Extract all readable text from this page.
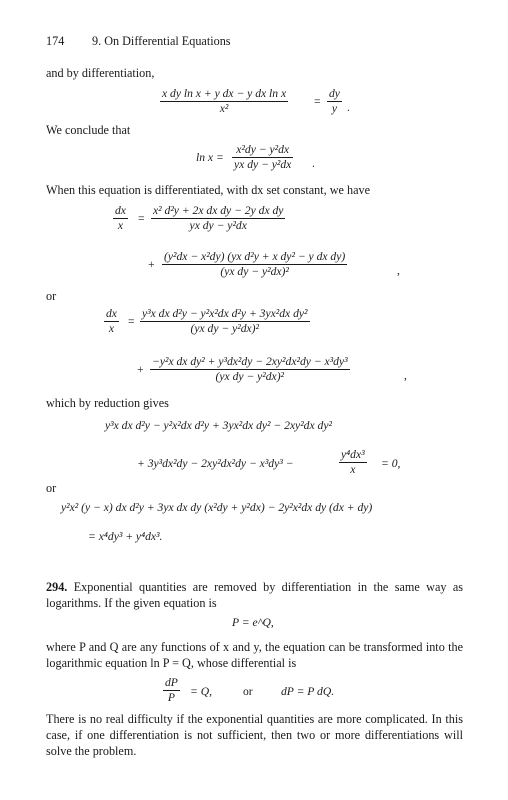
174 9. On Differential Equations
and by differentiation,
$\frac{\text{x dy ln x + y dx − y dx ln x}}{\text{x²}} = \frac{dy}{y}$ .
We conclude that
$\ln x = \frac{\text{x²dy − y²dx}}{\text{yx dy − y²dx}}$ .
When this equation is differentiated, with dx set constant, we have
$\frac{dx}{x} = \frac{\text{x² d²y + 2x dx dy − 2y dx dy}}{\text{yx dy − y²dx}}$
+ $\frac{\text{(y²dx − x²dy) (yx d²y + x dy² − y dx dy)}}{\text{(yx dy − y²dx)²}}$	,
or
$\frac{dx}{x} = \frac{\text{y³x dx d²y − y²x²dx d²y + 3yx²dx dy²}}{\text{(yx dy − y²dx)²}}$
+ $\frac{\text{−y²x dx dy² + y³dx²dy − 2xy²dx²dy − x³dy³}}{\text{(yx dy − y²dx)²}}$	,
which by reduction gives
y³x dx d²y − y²x²dx d²y + 3yx²dx dy² − 2xy²dx dy²
+ 3y³dx²dy − 2xy²dx²dy − x³dy³ −	$\frac{\text{y⁴dx³}}{x} = 0$,
or
y²x² (y − x) dx d²y + 3yx dx dy (x²dy + y²dx) − 2y²x²dx dy (dx + dy)
= x⁴dy³ + y⁴dx³.
294. Exponential quantities are removed by differentiation in the same way as logarithms. If the given equation is
P = e^Q,
where P and Q are any functions of x and y, the equation can be transformed into the logarithmic equation ln P = Q, whose differential is
$\frac{dP}{P} = Q$,	or dP = P dQ.
There is no real difficulty if the exponential quantities are more complicated. In this case, if one differentiation is not sufficient, then two or more differentiations will solve the problem.
